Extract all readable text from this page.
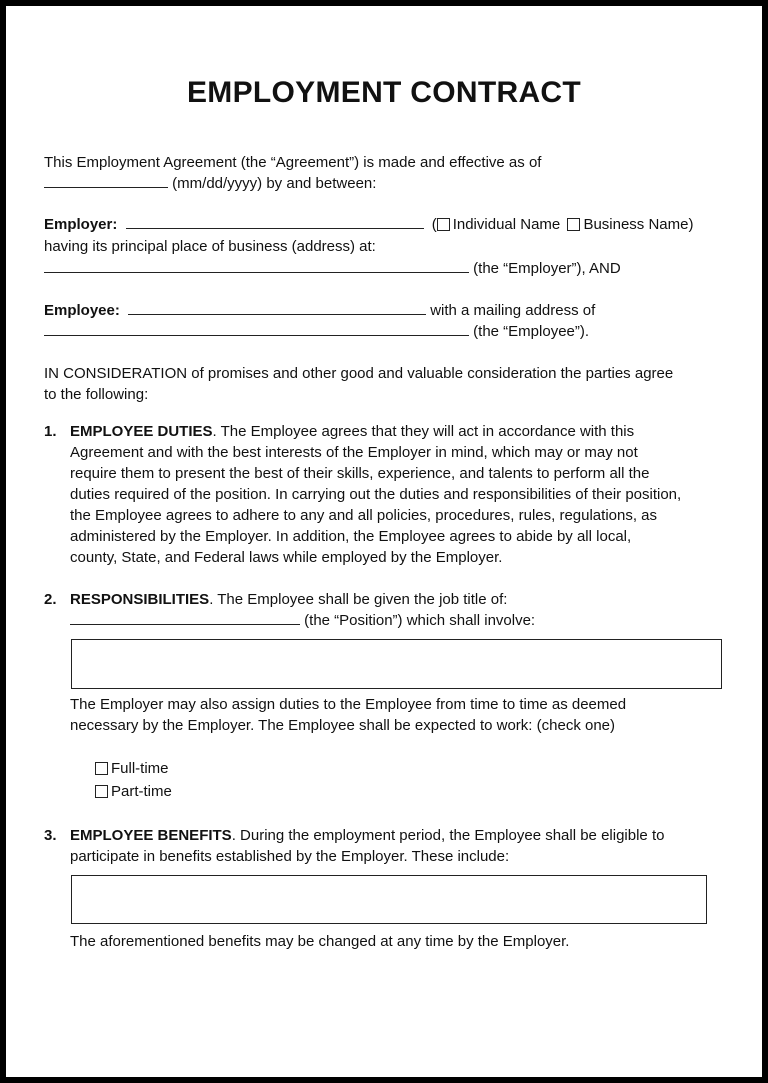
EMPLOYMENT CONTRACT
This Employment Agreement (the “Agreement”) is made and effective as of
(mm/dd/yyyy) by and between:
Employer:	( Individual Name Business Name)
having its principal place of business (address) at:
(the “Employer”), AND
Employee:	with a mailing address of
(the “Employee”).
IN CONSIDERATION of promises and other good and valuable consideration the parties agree
to the following:
1. EMPLOYEE DUTIES. The Employee agrees that they will act in accordance with this
Agreement and with the best interests of the Employer in mind, which may or may not
require them to present the best of their skills, experience, and talents to perform all the
duties required of the position. In carrying out the duties and responsibilities of their position,
the Employee agrees to adhere to any and all policies, procedures, rules, regulations, as
administered by the Employer. In addition, the Employee agrees to abide by all local,
county, State, and Federal laws while employed by the Employer.
2. RESPONSIBILITIES. The Employee shall be given the job title of:
(the “Position”) which shall involve:
The Employer may also assign duties to the Employee from time to time as deemed
necessary by the Employer. The Employee shall be expected to work: (check one)
Full-time
Part-time
3. EMPLOYEE BENEFITS. During the employment period, the Employee shall be eligible to
participate in benefits established by the Employer. These include:
The aforementioned benefits may be changed at any time by the Employer.
